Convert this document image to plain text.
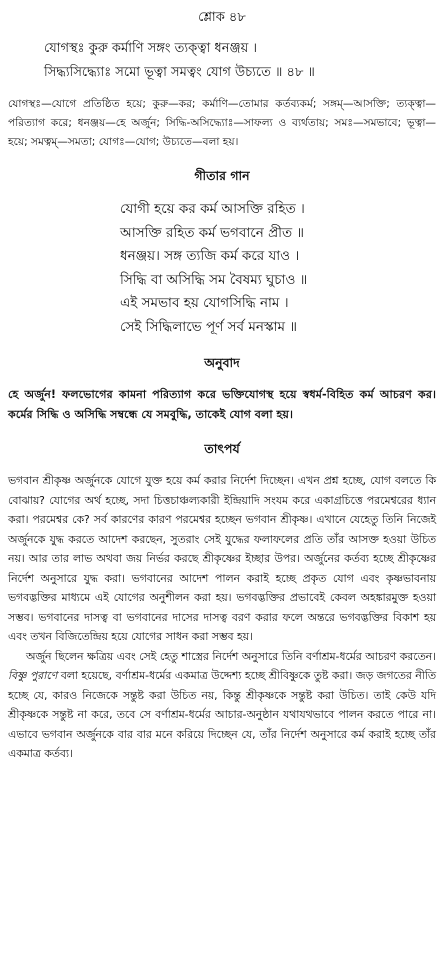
শ্লোক ৪৮
যোগস্থঃ কুরু কর্মাণি সঙ্গং ত্যক্ত্বা ধনঞ্জয় ।
সিদ্ধ্যসিদ্ধ্যোঃ সমো ভূত্বা সমত্বং যোগ উচ্যতে ॥ ৪৮ ॥
যোগস্থঃ—যোগে প্রতিষ্ঠিত হয়ে; কুরু—কর; কর্মাণি—তোমার কর্তব্যকর্ম; সঙ্গম্—আসক্তি; ত্যক্ত্বা—পরিত্যাগ করে; ধনঞ্জয়—হে অর্জুন; সিদ্ধি-অসিদ্ধ্যোঃ—সাফল্য ও ব্যর্থতায়; সমঃ—সমভাবে; ভূত্বা—হয়ে; সমত্বম্—সমতা; যোগঃ—যোগ; উচ্যতে—বলা হয়।
গীতার গান
যোগী হয়ে কর কর্ম আসক্তি রহিত ।
আসক্তি রহিত কর্ম ভগবানে প্রীত ॥
ধনঞ্জয়। সঙ্গ ত্যজি কর্ম করে যাও ।
সিদ্ধি বা অসিদ্ধি সম বৈষম্য ঘুচাও ॥
এই সমভাব হয় যোগসিদ্ধি নাম ।
সেই সিদ্ধিলাভে পূর্ণ সর্ব মনস্কাম ॥
অনুবাদ
হে অর্জুন! ফলভোগের কামনা পরিত্যাগ করে ভক্তিযোগস্থ হয়ে স্বধর্ম-বিহিত কর্ম আচরণ কর। কর্মের সিদ্ধি ও অসিদ্ধি সম্বন্ধে যে সমবুদ্ধি, তাকেই যোগ বলা হয়।
তাৎপর্য

ভগবান শ্রীকৃষ্ণ অর্জুনকে যোগে যুক্ত হয়ে কর্ম করার নির্দেশ দিচ্ছেন। এখন প্রশ্ন হচ্ছে, যোগ বলতে কি বোঝায়? যোগের অর্থ হচ্ছে, সদা চিত্তচাঞ্চল্যকারী ইন্দ্রিয়াদি সংযম করে একাগ্রচিত্তে পরমেশ্বরের ধ্যান করা। পরমেশ্বর কে? সর্ব কারণের কারণ পরমেশ্বর হচ্ছেন ভগবান শ্রীকৃষ্ণ। এখানে যেহেতু তিনি নিজেই অর্জুনকে যুদ্ধ করতে আদেশ করছেন, সুতরাং সেই যুদ্ধের ফলাফলের প্রতি তাঁর আসক্ত হওয়া উচিত নয়। আর তার লাভ অথবা জয় নির্ভর করছে শ্রীকৃষ্ণের ইচ্ছার উপর। অর্জুনের কর্তব্য হচ্ছে শ্রীকৃষ্ণের নির্দেশ অনুসারে যুদ্ধ করা। ভগবানের আদেশ পালন করাই হচ্ছে প্রকৃত যোগ এবং কৃষ্ণভাবনায় ভগবদ্ভক্তির মাধ্যমে এই যোগের অনুশীলন করা হয়। ভগবদ্ভক্তির প্রভাবেই কেবল অহঙ্কারমুক্ত হওয়া সম্ভব। ভগবানের দাসত্ব বা ভগবানের দাসের দাসত্ব বরণ করার ফলে অন্তরে ভগবদ্ভক্তির বিকাশ হয় এবং তখন বিজিতেন্দ্রিয় হয়ে যোগের সাধন করা সম্ভব হয়।

অর্জুন ছিলেন ক্ষত্রিয় এবং সেই হেতু শাস্ত্রের নির্দেশ অনুসারে তিনি বর্ণাশ্রম-ধর্মের আচরণ করতেন। বিষ্ণু পুরাণে বলা হয়েছে, বর্ণাশ্রম-ধর্মের একমাত্র উদ্দেশ্য হচ্ছে শ্রীবিষ্ণুকে তুষ্ট করা। জড় জগতের নীতি হচ্ছে যে, কারও নিজেকে সন্তুষ্ট করা উচিত নয়, কিন্তু শ্রীকৃষ্ণকে সন্তুষ্ট করা উচিত। তাই কেউ যদি শ্রীকৃষ্ণকে সন্তুষ্ট না করে, তবে সে বর্ণাশ্রম-ধর্মের আচার-অনুষ্ঠান যথাযথভাবে পালন করতে পারে না। এভাবে ভগবান অর্জুনকে বার বার মনে করিয়ে দিচ্ছেন যে, তাঁর নির্দেশ অনুসারে কর্ম করাই হচ্ছে তাঁর একমাত্র কর্তব্য।
